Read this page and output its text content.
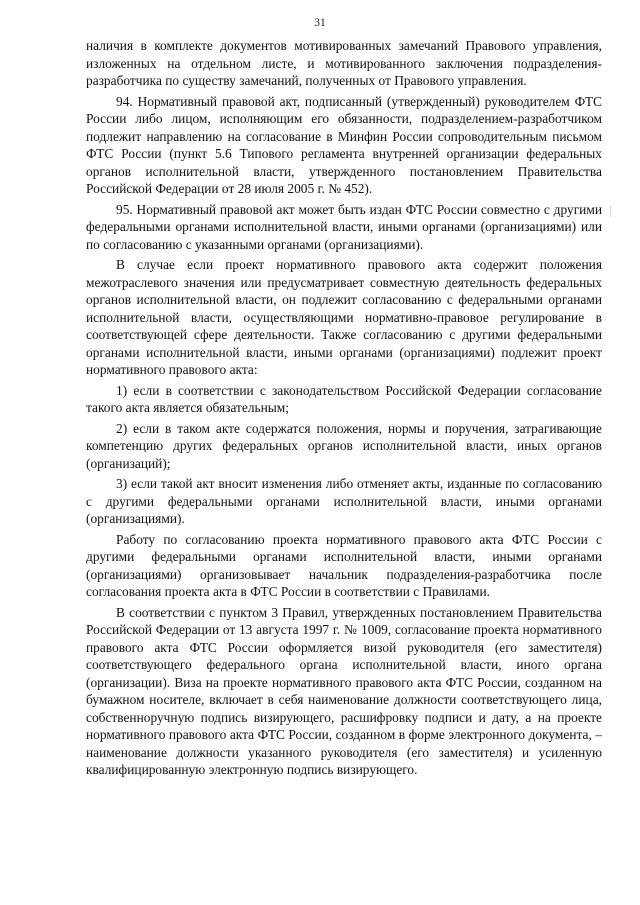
31

наличия в комплекте документов мотивированных замечаний Правового управления, изложенных на отдельном листе, и мотивированного заключения подразделения-разработчика по существу замечаний, полученных от Правового управления.

94. Нормативный правовой акт, подписанный (утвержденный) руководителем ФТС России либо лицом, исполняющим его обязанности, подразделением-разработчиком подлежит направлению на согласование в Минфин России сопроводительным письмом ФТС России (пункт 5.6 Типового регламента внутренней организации федеральных органов исполнительной власти, утвержденного постановлением Правительства Российской Федерации от 28 июля 2005 г. № 452).

95. Нормативный правовой акт может быть издан ФТС России совместно с другими федеральными органами исполнительной власти, иными органами (организациями) или по согласованию с указанными органами (организациями).

В случае если проект нормативного правового акта содержит положения межотраслевого значения или предусматривает совместную деятельность федеральных органов исполнительной власти, он подлежит согласованию с федеральными органами исполнительной власти, осуществляющими нормативно-правовое регулирование в соответствующей сфере деятельности. Также согласованию с другими федеральными органами исполнительной власти, иными органами (организациями) подлежит проект нормативного правового акта:

1) если в соответствии с законодательством Российской Федерации согласование такого акта является обязательным;

2) если в таком акте содержатся положения, нормы и поручения, затрагивающие компетенцию других федеральных органов исполнительной власти, иных органов (организаций);

3) если такой акт вносит изменения либо отменяет акты, изданные по согласованию с другими федеральными органами исполнительной власти, иными органами (организациями).

Работу по согласованию проекта нормативного правового акта ФТС России с другими федеральными органами исполнительной власти, иными органами (организациями) организовывает начальник подразделения-разработчика после согласования проекта акта в ФТС России в соответствии с Правилами.

В соответствии с пунктом 3 Правил, утвержденных постановлением Правительства Российской Федерации от 13 августа 1997 г. № 1009, согласование проекта нормативного правового акта ФТС России оформляется визой руководителя (его заместителя) соответствующего федерального органа исполнительной власти, иного органа (организации). Виза на проекте нормативного правового акта ФТС России, созданном на бумажном носителе, включает в себя наименование должности соответствующего лица, собственноручную подпись визирующего, расшифровку подписи и дату, а на проекте нормативного правового акта ФТС России, созданном в форме электронного документа, – наименование должности указанного руководителя (его заместителя) и усиленную квалифицированную электронную подпись визирующего.
